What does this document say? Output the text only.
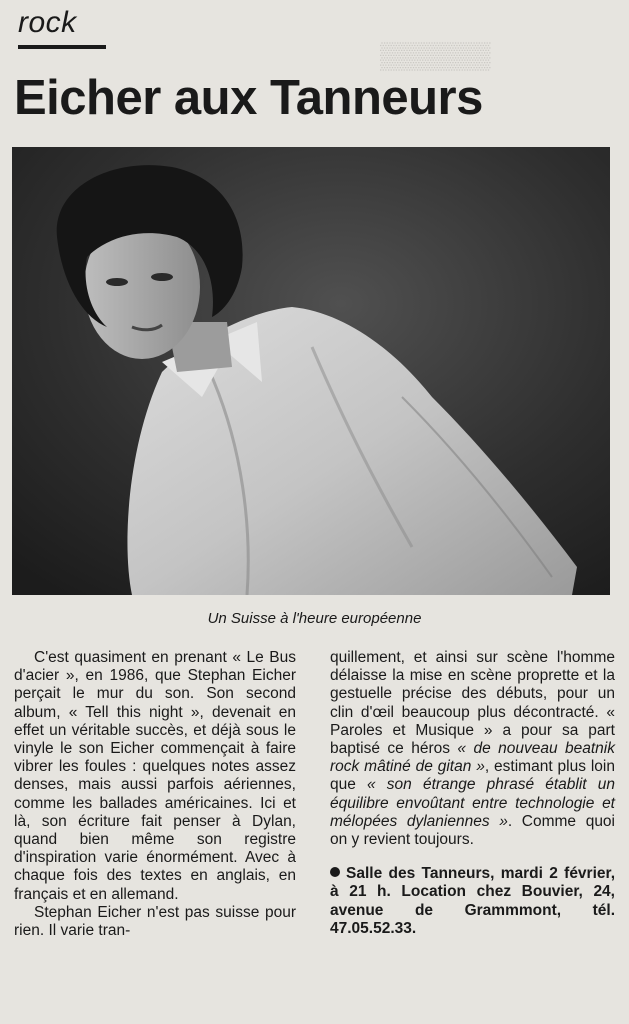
▒▒▒▒▒▒
rock
Eicher aux Tanneurs
Un Suisse à l'heure européenne

C'est quasiment en prenant « Le Bus d'acier », en 1986, que Stephan Eicher perçait le mur du son. Son second album, « Tell this night », devenait en effet un véritable succès, et déjà sous le vinyle le son Eicher commençait à faire vibrer les foules : quelques notes assez denses, mais aussi parfois aériennes, comme les ballades américaines. Ici et là, son écriture fait penser à Dylan, quand bien même son registre d'inspiration varie énormément. Avec à chaque fois des textes en anglais, en français et en allemand.

Stephan Eicher n'est pas suisse pour rien. Il varie tran-

quillement, et ainsi sur scène l'homme délaisse la mise en scène proprette et la gestuelle précise des débuts, pour un clin d'œil beaucoup plus décontracté. « Paroles et Musique » a pour sa part baptisé ce héros « de nouveau beatnik rock mâtiné de gitan », estimant plus loin que « son étrange phrasé établit un équilibre envoûtant entre technologie et mélopées dylaniennes ». Comme quoi on y revient toujours.

Salle des Tanneurs, mardi 2 février, à 21 h. Location chez Bouvier, 24, avenue de Grammmont, tél. 47.05.52.33.
